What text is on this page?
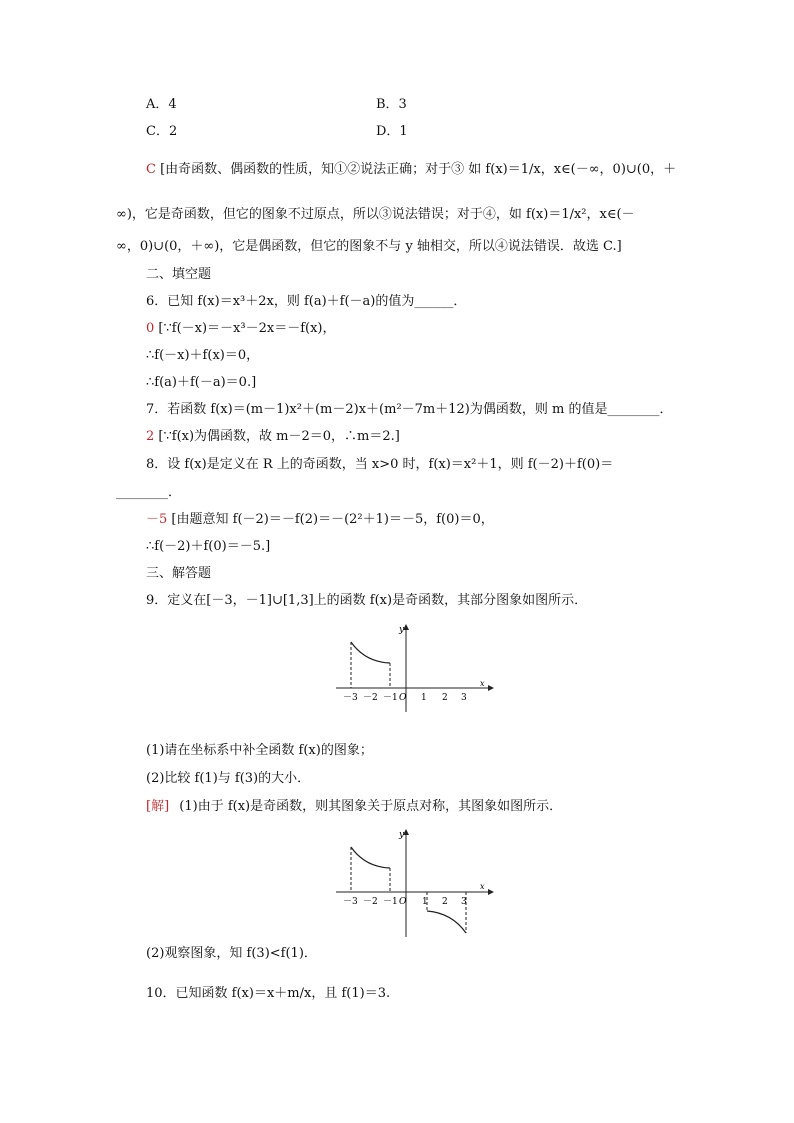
A．4	B．3
C．2	D．1
C [由奇函数、偶函数的性质，知①②说法正确；对于③ 如 f(x)＝1/x，x∈(－∞，0)∪(0，＋
∞)，它是奇函数，但它的图象不过原点，所以③说法错误；对于④，如 f(x)＝1/x²，x∈(－
∞，0)∪(0，＋∞)，它是偶函数，但它的图象不与 y 轴相交，所以④说法错误．故选 C.]
二、填空题
6．已知 f(x)＝x³＋2x，则 f(a)＋f(－a)的值为______．
0 [∵f(－x)＝－x³－2x＝－f(x)，
∴f(－x)＋f(x)＝0，
∴f(a)＋f(－a)＝0.]
7．若函数 f(x)＝(m－1)x²＋(m－2)x＋(m²－7m＋12)为偶函数，则 m 的值是________．
2 [∵f(x)为偶函数，故 m－2＝0，∴m＝2.]
8．设 f(x)是定义在 R 上的奇函数，当 x>0 时，f(x)＝x²＋1，则 f(－2)＋f(0)＝
________．
－5 [由题意知 f(－2)＝－f(2)＝－(2²＋1)＝－5，f(0)＝0，
∴f(－2)＋f(0)＝－5.]
三、解答题
9．定义在[－3，－1]∪[1,3]上的函数 f(x)是奇函数，其部分图象如图所示．
y
x
－3 －2 －1 O 1 2 3
(1)请在坐标系中补全函数 f(x)的图象；
(2)比较 f(1)与 f(3)的大小．
[解] (1)由于 f(x)是奇函数，则其图象关于原点对称，其图象如图所示．
y
x
－3 －2 －1 O 1 2 3
(2)观察图象，知 f(3)<f(1)．
10．已知函数 f(x)＝x＋m/x，且 f(1)＝3.
